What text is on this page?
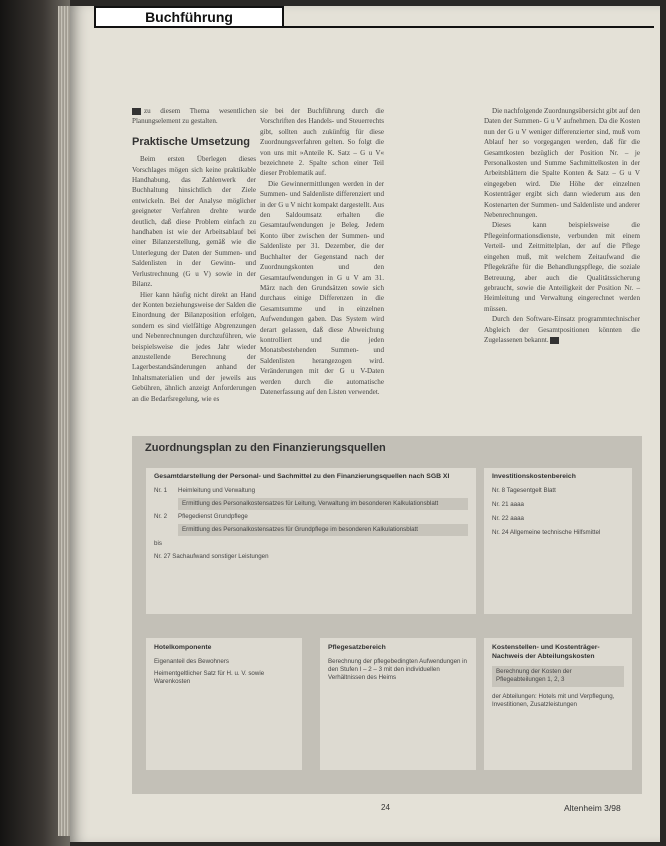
Buchführung

zu diesem Thema wesentlichen Planungselement zu gestalten.

Praktische Umsetzung

Beim ersten Überlegen dieses Vorschlages mögen sich keine praktikable Handhabung, das Zahlenwerk der Buchhaltung hinsichtlich der Ziele entwickeln. Bei der Analyse möglicher geeigneter Verfahren drehte wurde deutlich, daß diese Problem einfach zu handhaben ist wie der Arbeitsablauf bei einer Bilanzerstellung, gemäß wie die Unterlegung der Daten der Summen- und Saldenlisten in der Gewinn- und Verlustrechnung (G u V) sowie in der Bilanz.

Hier kann häufig nicht direkt an Hand der Konten beziehungsweise der Salden die Einordnung der Bilanzposition erfolgen, sondern es sind vielfältige Abgrenzungen und Nebenrechnungen durchzuführen, wie beispielsweise die jedes Jahr wieder anzustellende Berechnung der Lagerbestandsänderungen anhand der Inhaltsmaterialien und der jeweils aus Gebühren, ähnlich anzeigt Anforderungen an die Bedarfsregelung, wie es

sie bei der Buchführung durch die Vorschriften des Handels- und Steuerrechts gibt, sollten auch zukünftig für diese Zuordnungsverfahren gelten. So folgt die von uns mit »Anteile K. Satz – G u V« bezeichnete 2. Spalte schon einer Teil dieser Problematik auf.

Die Gewinnermittlungen werden in der Summen- und Saldenliste differenziert und in der G u V nicht kompakt dargestellt. Aus den Saldoumsatz erhalten die Gesamtaufwendungen je Beleg. Jedem Konto über zwischen der Summen- und Saldenliste per 31. Dezember, die der Buchhalter der Gegenstand nach der Zuordnungskonten und den Gesamtaufwendungen in G u V am 31. März nach den Grundsätzen sowie sich durchaus einige Differenzen in die Gesamtsumme und in einzelnen Aufwendungen gaben. Das System wird derart gelassen, daß diese Abweichung kontrolliert und die jeden Monatsbestehenden Summen- und Saldenlisten herangezogen wird. Veränderungen mit der G u V-Daten werden durch die automatische Datenerfassung auf den Listen verwendet.

Die nachfolgende Zuordnungsübersicht gibt auf den Daten der Summen- G u V aufnehmen. Da die Kosten nun der G u V weniger differenzierter sind, muß vom Ablauf her so vorgegangen werden, daß für die Gesamtkosten bezüglich der Position Nr. – je Personalkosten und Summe Sachmittelkosten in der Arbeitsblättern die Spalte Konten & Satz – G u V eingegeben wird. Die Höhe der einzelnen Kostenträger ergibt sich dann wiederum aus den Kostenarten der Summen- und Saldenliste und anderer Nebenrechnungen.

Dieses kann beispielsweise die Pflegeinformationsdienste, verbunden mit einem Verteil- und Zeitmittelplan, der auf die Pflege eingehen muß, mit welchem Zeitaufwand die Pflegekräfte für die Behandlungspflege, die soziale Betreuung, aber auch die Qualitätssicherung gebraucht, sowie die Anteiligkeit der Position Nr. – Heimleitung und Verwaltung eingerechnet werden müssen.

Durch den Software-Einsatz programmtechnischer Abgleich der Gesamtpositionen könnten die Zugelassenen bekannt.

Zuordnungsplan zu den Finanzierungsquellen
Gesamtdarstellung der Personal- und Sachmittel zu den Finanzierungsquellen nach SGB XI
Nr. 1	Heimleitung und Verwaltung
Ermittlung des Personalkostensatzes für Leitung, Verwaltung im besonderen Kalkulationsblatt
Nr. 2	Pflegedienst Grundpflege
Ermittlung des Personalkostensatzes für Grundpflege im besonderen Kalkulationsblatt
bis
Nr. 27 Sachaufwand sonstiger Leistungen
Investitionskostenbereich
Nr. 8 Tagesentgelt Blatt
Nr. 21 aaaa
Nr. 22 aaaa
Nr. 24 Allgemeine technische Hilfsmittel
Hotelkomponente
Eigenanteil des Bewohners
Heimentgeltlicher Satz für H. u. V. sowie Warenkosten
Pflegesatzbereich
Berechnung der pflegebedingten Aufwendungen in den Stufen I – 2 – 3 mit den individuellen Verhältnissen des Heims
Kostenstellen- und Kostenträger-Nachweis der Abteilungskosten
Berechnung der Kosten der Pflegeabteilungen 1, 2, 3
der Abteilungen: Hotels mit und Verpflegung, Investitionen, Zusatzleistungen
24	Altenheim 3/98
